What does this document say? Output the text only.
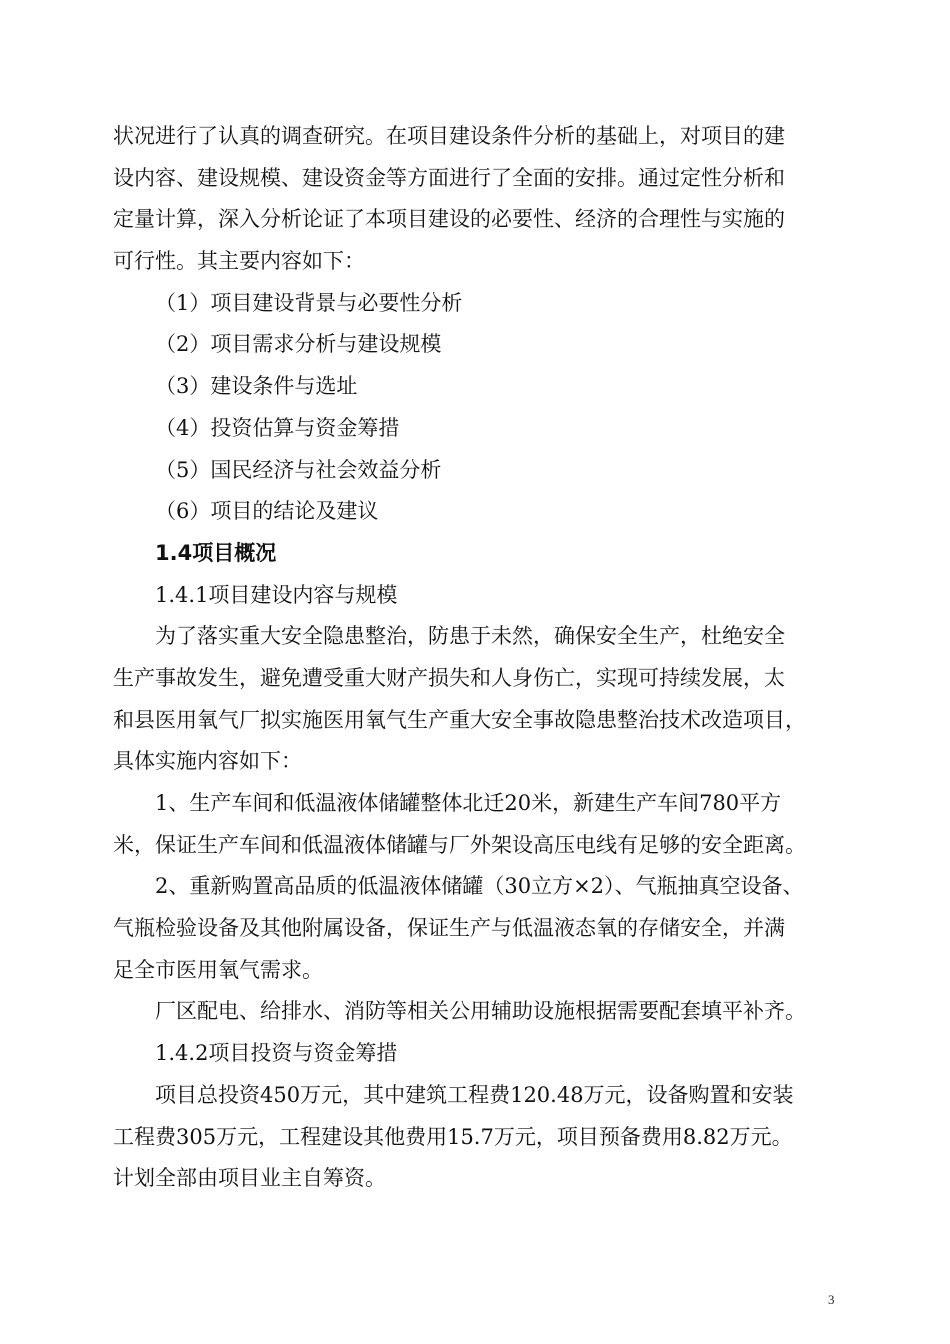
状况进行了认真的调查研究。在项目建设条件分析的基础上，对项目的建
设内容、建设规模、建设资金等方面进行了全面的安排。通过定性分析和
定量计算，深入分析论证了本项目建设的必要性、经济的合理性与实施的
可行性。其主要内容如下：
（1）项目建设背景与必要性分析
（2）项目需求分析与建设规模
（3）建设条件与选址
（4）投资估算与资金筹措
（5）国民经济与社会效益分析
（6）项目的结论及建议
1.4项目概况
1.4.1项目建设内容与规模
为了落实重大安全隐患整治，防患于未然，确保安全生产，杜绝安全
生产事故发生，避免遭受重大财产损失和人身伤亡，实现可持续发展，太
和县医用氧气厂拟实施医用氧气生产重大安全事故隐患整治技术改造项目，
具体实施内容如下：
1、生产车间和低温液体储罐整体北迁20米，新建生产车间780平方
米，保证生产车间和低温液体储罐与厂外架设高压电线有足够的安全距离。
2、重新购置高品质的低温液体储罐（30立方×2）、气瓶抽真空设备、
气瓶检验设备及其他附属设备，保证生产与低温液态氧的存储安全，并满
足全市医用氧气需求。
厂区配电、给排水、消防等相关公用辅助设施根据需要配套填平补齐。
1.4.2项目投资与资金筹措
项目总投资450万元，其中建筑工程费120.48万元，设备购置和安装
工程费305万元，工程建设其他费用15.7万元，项目预备费用8.82万元。
计划全部由项目业主自筹资。
3
